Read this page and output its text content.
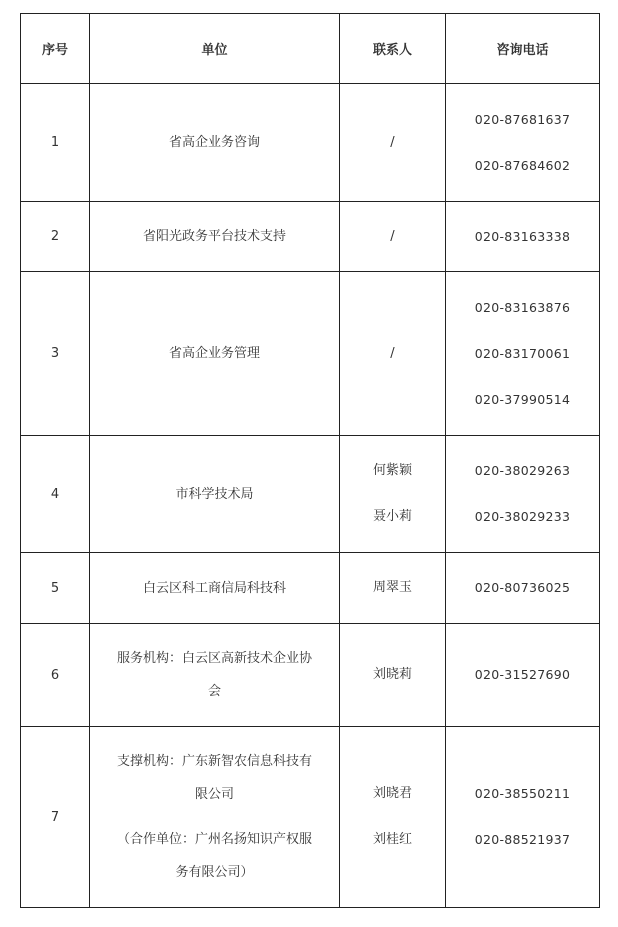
序号	单位	联系人	咨询电话
1	省高企业务咨询	/	020-87681637
020-87684602

2	省阳光政务平台技术支持	/	020-83163338

3	省高企业务管理	/	020-83163876
020-83170061
020-37990514

4	市科学技术局	何紫颖
聂小莉	020-38029263
020-38029233

5	白云区科工商信局科技科	周翠玉	020-80736025

6	服务机构：白云区高新技术企业协
会	刘晓莉	020-31527690

7	支撑机构：广东新智农信息科技有
限公司
（合作单位：广州名扬知识产权服
务有限公司）	刘晓君
刘桂红	020-38550211
020-88521937
